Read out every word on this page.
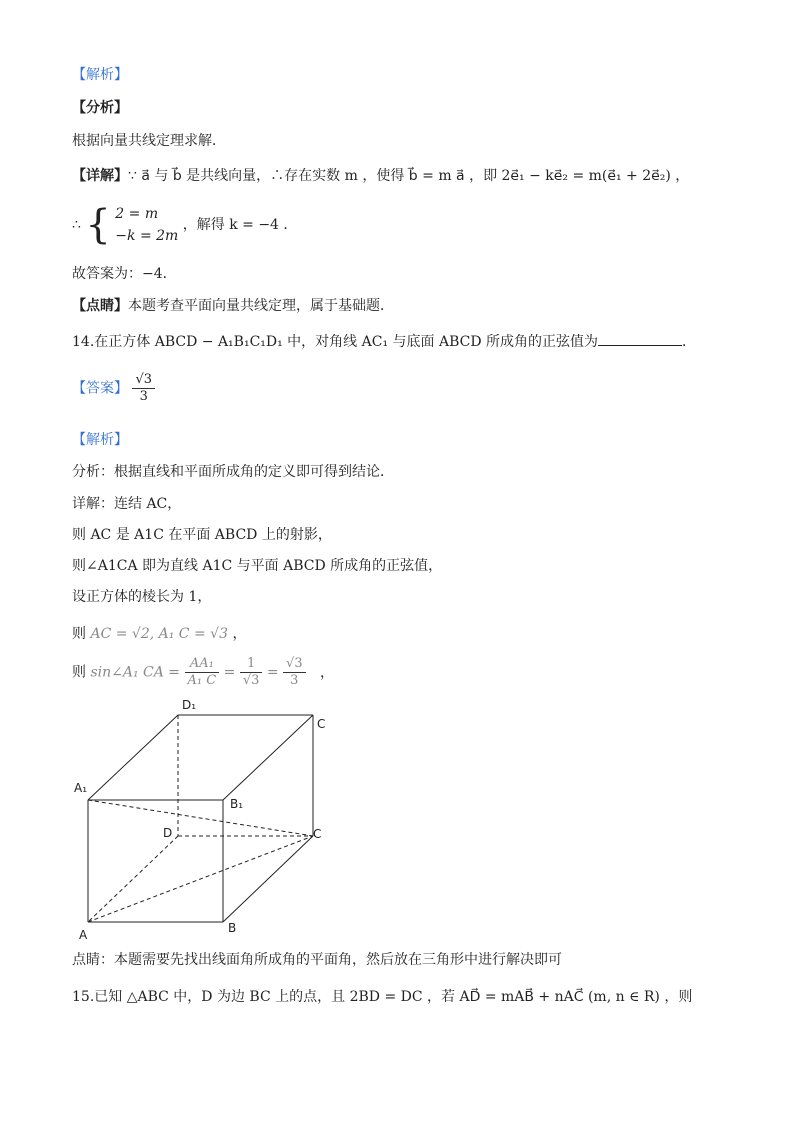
【解析】
【分析】
根据向量共线定理求解．
【详解】∵ a⃗ 与 b⃗ 是共线向量，∴存在实数 m ，使得 b⃗ = m a⃗ ，即 2e⃗₁ − ke⃗₂ = m(e⃗₁ + 2e⃗₂) ，
∴ { 2 = m
−k = 2m
，解得 k = −4 ．
故答案为：−4．
【点睛】本题考查平面向量共线定理，属于基础题．
14.在正方体 ABCD − A₁B₁C₁D₁ 中，对角线 AC₁ 与底面 ABCD 所成角的正弦值为	．
【答案】 $\frac{√3}{3}$
【解析】
分析：根据直线和平面所成角的定义即可得到结论．
详解：连结 AC，
则 AC 是 A1C 在平面 ABCD 上的射影，
则∠A1CA 即为直线 A1C 与平面 ABCD 所成角的正弦值，
设正方体的棱长为 1，
则 AC = √2, A₁ C = √3 ，
则 sin∠A₁ CA = $\frac{\text{AA₁}}{\text{A₁ C}} = \frac{1}{√3} = \frac{√3}{3}$ ，
D₁
C
A₁
B₁
D	C
A	B
点睛：本题需要先找出线面角所成角的平面角，然后放在三角形中进行解决即可
15.已知 △ABC 中，D 为边 BC 上的点，且 2BD = DC ，若 AD⃗ = mAB⃗ + nAC⃗ (m, n ∈ R) ，则
